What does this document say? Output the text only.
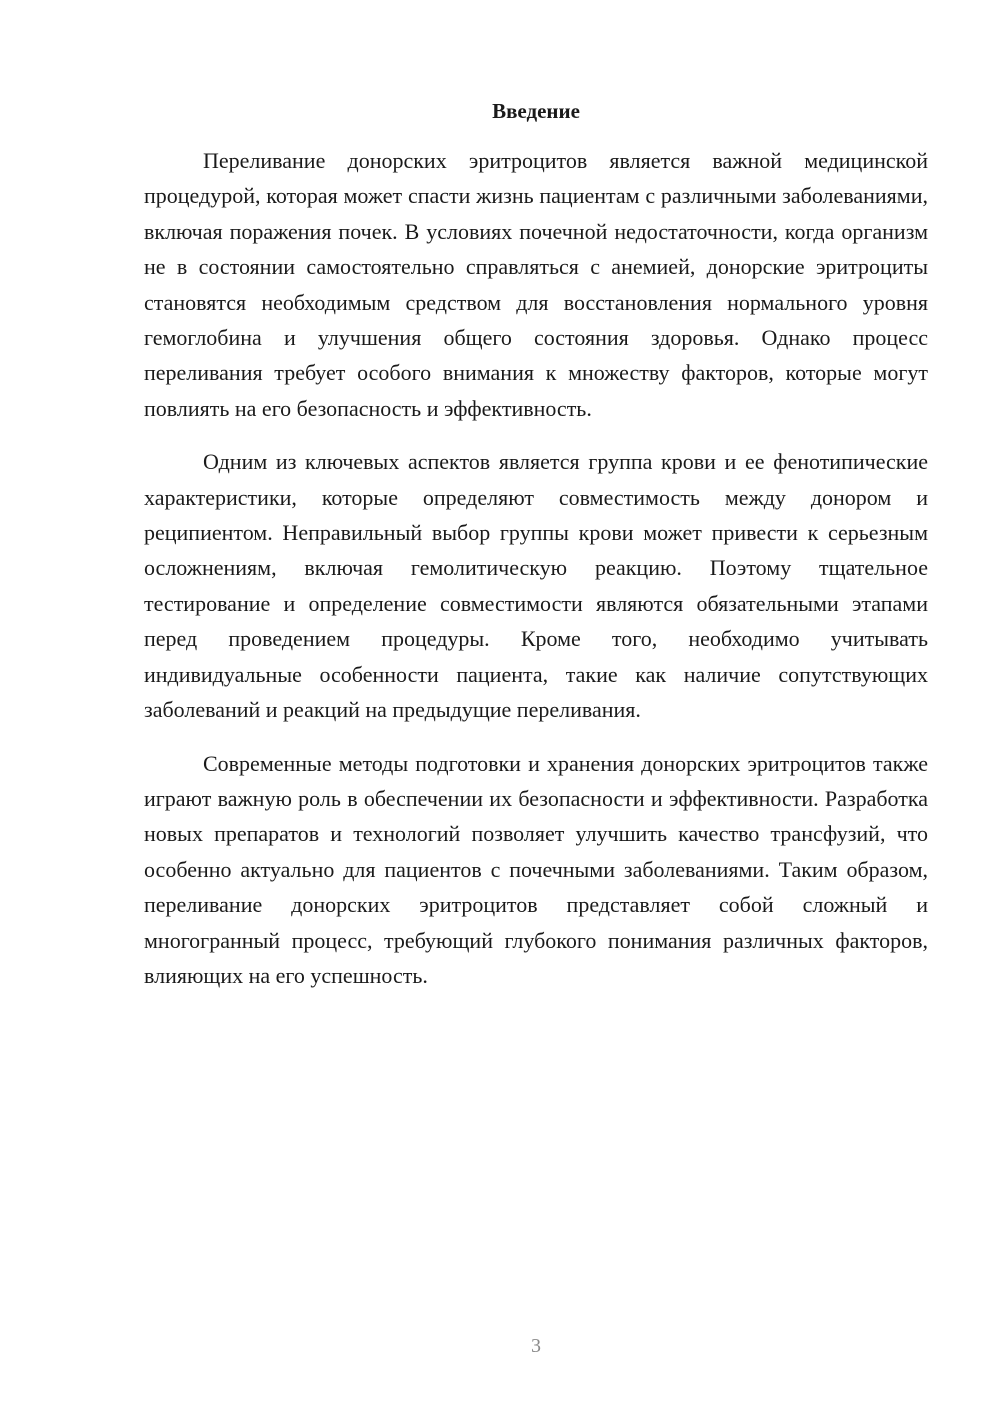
Введение

Переливание донорских эритроцитов является важной медицинской процедурой, которая может спасти жизнь пациентам с различными заболеваниями, включая поражения почек. В условиях почечной недостаточности, когда организм не в состоянии самостоятельно справляться с анемией, донорские эритроциты становятся необходимым средством для восстановления нормального уровня гемоглобина и улучшения общего состояния здоровья. Однако процесс переливания требует особого внимания к множеству факторов, которые могут повлиять на его безопасность и эффективность.

Одним из ключевых аспектов является группа крови и ее фенотипические характеристики, которые определяют совместимость между донором и реципиентом. Неправильный выбор группы крови может привести к серьезным осложнениям, включая гемолитическую реакцию. Поэтому тщательное тестирование и определение совместимости являются обязательными этапами перед проведением процедуры. Кроме того, необходимо учитывать индивидуальные особенности пациента, такие как наличие сопутствующих заболеваний и реакций на предыдущие переливания.

Современные методы подготовки и хранения донорских эритроцитов также играют важную роль в обеспечении их безопасности и эффективности. Разработка новых препаратов и технологий позволяет улучшить качество трансфузий, что особенно актуально для пациентов с почечными заболеваниями. Таким образом, переливание донорских эритроцитов представляет собой сложный и многогранный процесс, требующий глубокого понимания различных факторов, влияющих на его успешность.

3
